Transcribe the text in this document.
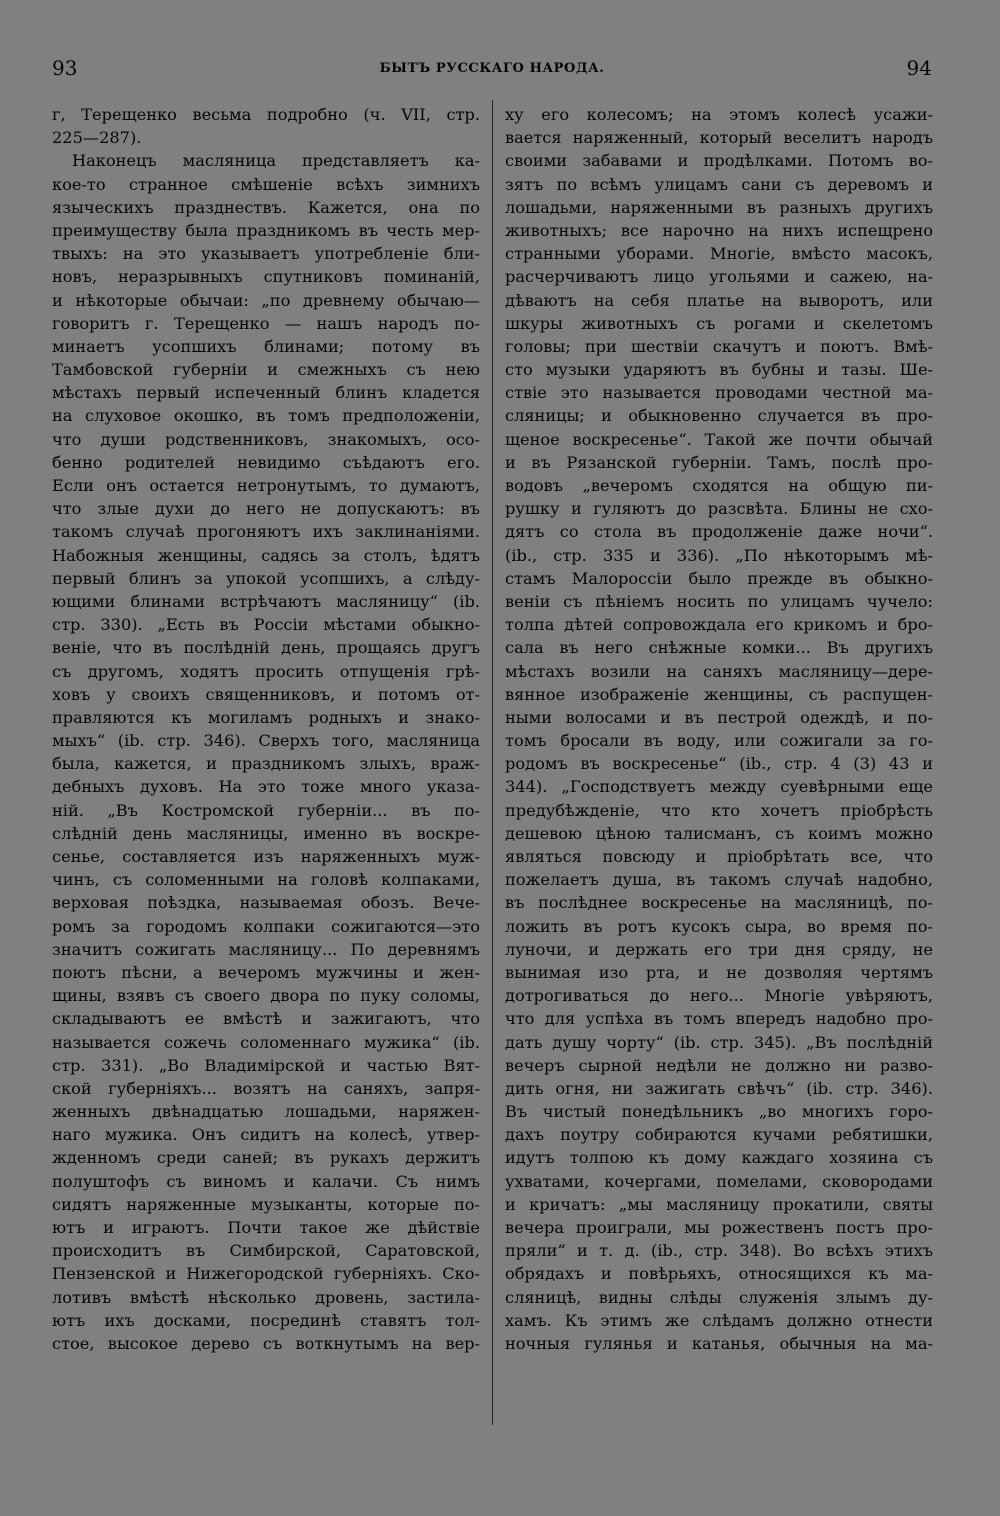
93	БЫТЪ РУССКАГО НАРОДА.	94
г, Терещенко весьма подробно (ч. VII, стр.
225—287).
Наконецъ масляница представляетъ ка-
кое-то странное смѣшеніе всѣхъ зимнихъ
языческихъ празднествъ. Кажется, она по
преимуществу была праздникомъ въ честь мер-
твыхъ: на это указываетъ употребленіе бли-
новъ, неразрывныхъ спутниковъ поминаній,
и нѣкоторые обычаи: „по древнему обычаю—
говоритъ г. Терещенко — нашъ народъ по-
минаетъ усопшихъ блинами; потому въ
Тамбовской губерніи и смежныхъ съ нею
мѣстахъ первый испеченный блинъ кладется
на слуховое окошко, въ томъ предположеніи,
что души родственниковъ, знакомыхъ, осо-
бенно родителей невидимо съѣдаютъ его.
Если онъ остается нетронутымъ, то думаютъ,
что злые духи до него не допускаютъ: въ
такомъ случаѣ прогоняютъ ихъ заклинаніями.
Набожныя женщины, садясь за столъ, ѣдятъ
первый блинъ за упокой усопшихъ, а слѣду-
ющими блинами встрѣчаютъ масляницу“ (ib.
стр. 330). „Есть въ Россіи мѣстами обыкно-
веніе, что въ послѣдній день, прощаясь другъ
съ другомъ, ходятъ просить отпущенія грѣ-
ховъ у своихъ священниковъ, и потомъ от-
правляются къ могиламъ родныхъ и знако-
мыхъ“ (ib. стр. 346). Сверхъ того, масляница
была, кажется, и праздникомъ злыхъ, враж-
дебныхъ духовъ. На это тоже много указа-
ній. „Въ Костромской губерніи... въ по-
слѣдній день масляницы, именно въ воскре-
сенье, составляется изъ наряженныхъ муж-
чинъ, съ соломенными на головѣ колпаками,
верховая поѣздка, называемая обозъ. Вече-
ромъ за городомъ колпаки сожигаются—это
значитъ сожигать масляницу... По деревнямъ
поютъ пѣсни, а вечеромъ мужчины и жен-
щины, взявъ съ своего двора по пуку соломы,
складываютъ ее вмѣстѣ и зажигаютъ, что
называется сожечь соломеннаго мужика“ (ib.
стр. 331). „Во Владимірской и частью Вят-
ской губерніяхъ... возятъ на саняхъ, запря-
женныхъ двѣнадцатью лошадьми, наряжен-
наго мужика. Онъ сидитъ на колесѣ, утвер-
жденномъ среди саней; въ рукахъ держитъ
полуштофъ съ виномъ и калачи. Съ нимъ
сидятъ наряженные музыканты, которые по-
ютъ и играютъ. Почти такое же дѣйствіе
происходитъ въ Симбирской, Саратовской,
Пензенской и Нижегородской губерніяхъ. Ско-
лотивъ вмѣстѣ нѣсколько дровень, застила-
ютъ ихъ досками, посрединѣ ставятъ тол-
стое, высокое дерево съ воткнутымъ на вер-
ху его колесомъ; на этомъ колесѣ усажи-
вается наряженный, который веселитъ народъ
своими забавами и продѣлками. Потомъ во-
зятъ по всѣмъ улицамъ сани съ деревомъ и
лошадьми, наряженными въ разныхъ другихъ
животныхъ; все нарочно на нихъ испещрено
странными уборами. Многіе, вмѣсто масокъ,
расчерчиваютъ лицо угольями и сажею, на-
дѣваютъ на себя платье на выворотъ, или
шкуры животныхъ съ рогами и скелетомъ
головы; при шествіи скачутъ и поютъ. Вмѣ-
сто музыки ударяютъ въ бубны и тазы. Ше-
ствіе это называется проводами честной ма-
сляницы; и обыкновенно случается въ про-
щеное воскресенье“. Такой же почти обычай
и въ Рязанской губерніи. Тамъ, послѣ про-
водовъ „вечеромъ сходятся на общую пи-
рушку и гуляютъ до разсвѣта. Блины не схо-
дятъ со стола въ продолженіе даже ночи“.
(ib., стр. 335 и 336). „По нѣкоторымъ мѣ-
стамъ Малороссіи было прежде въ обыкно-
веніи съ пѣніемъ носить по улицамъ чучело:
толпа дѣтей сопровождала его крикомъ и бро-
сала въ него снѣжные комки... Въ другихъ
мѣстахъ возили на саняхъ масляницу—дере-
вянное изображеніе женщины, съ распущен-
ными волосами и въ пестрой одеждѣ, и по-
томъ бросали въ воду, или сожигали за го-
родомъ въ воскресенье“ (ib., стр. 4 (3) 43 и
344). „Господствуетъ между суевѣрными еще
предубѣжденіе, что кто хочетъ пріобрѣсть
дешевою цѣною талисманъ, съ коимъ можно
являться повсюду и пріобрѣтать все, что
пожелаетъ душа, въ такомъ случаѣ надобно,
въ послѣднее воскресенье на масляницѣ, по-
ложить въ ротъ кусокъ сыра, во время по-
луночи, и держать его три дня сряду, не
вынимая изо рта, и не дозволяя чертямъ
дотрогиваться до него... Многіе увѣряютъ,
что для успѣха въ томъ впередъ надобно про-
дать душу чорту“ (ib. стр. 345). „Въ послѣдній
вечеръ сырной недѣли не должно ни разво-
дить огня, ни зажигать свѣчъ“ (ib. стр. 346).
Въ чистый понедѣльникъ „во многихъ горо-
дахъ поутру собираются кучами ребятишки,
идутъ толпою къ дому каждаго хозяина съ
ухватами, кочергами, помелами, сковородами
и кричатъ: „мы масляницу прокатили, святы
вечера проиграли, мы рожественъ постъ про-
пряли“ и т. д. (ib., стр. 348). Во всѣхъ этихъ
обрядахъ и повѣрьяхъ, относящихся къ ма-
сляницѣ, видны слѣды служенія злымъ ду-
хамъ. Къ этимъ же слѣдамъ должно отнести
ночныя гулянья и катанья, обычныя на ма-
